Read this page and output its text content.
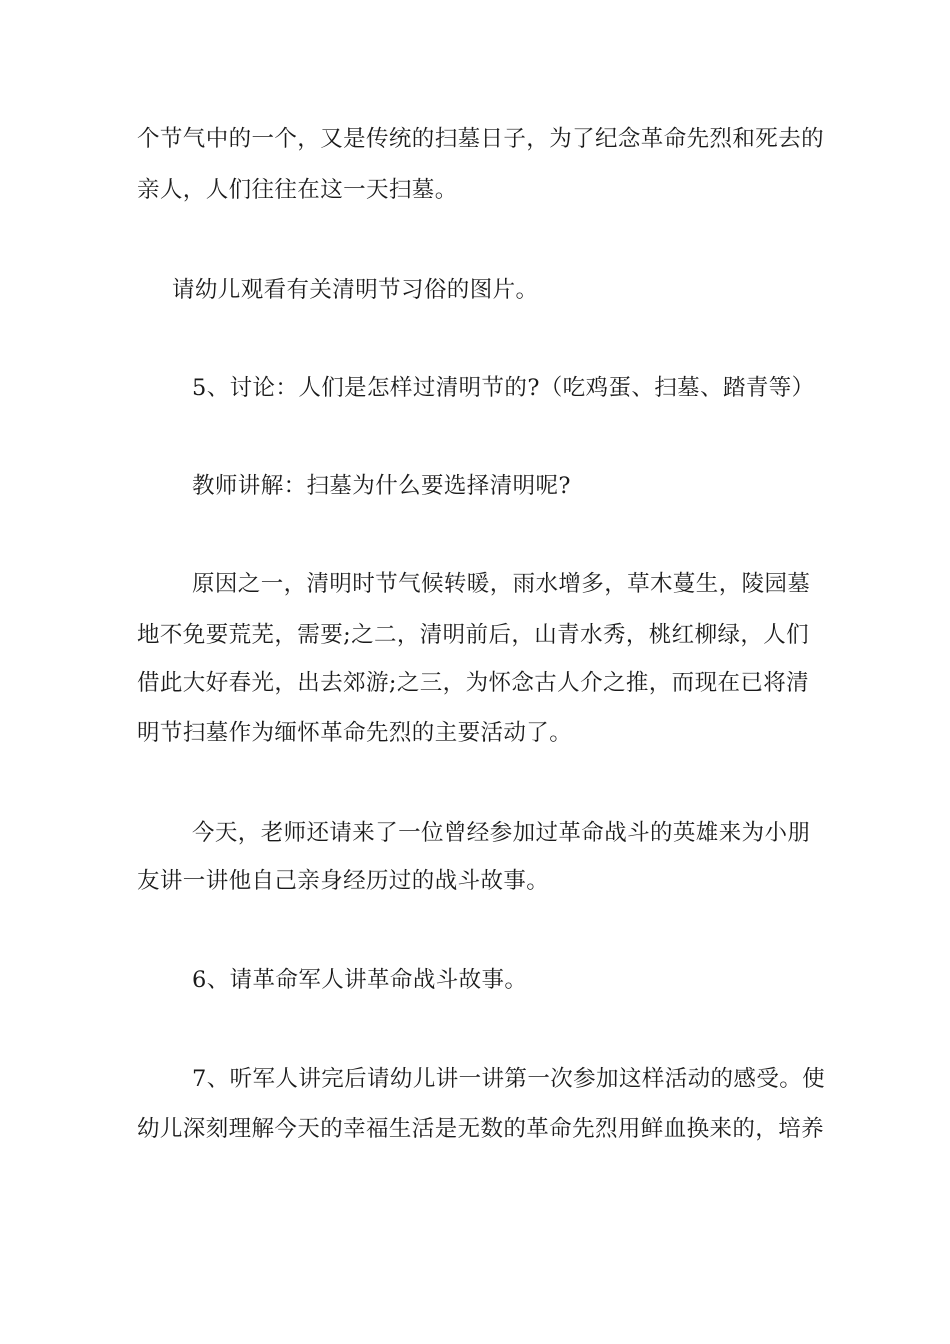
个节气中的一个，又是传统的扫墓日子，为了纪念革命先烈和死去的
亲人，人们往往在这一天扫墓。
请幼儿观看有关清明节习俗的图片。
5、讨论：人们是怎样过清明节的?（吃鸡蛋、扫墓、踏青等）
教师讲解：扫墓为什么要选择清明呢?
原因之一，清明时节气候转暖，雨水增多，草木蔓生，陵园墓
地不免要荒芜，需要;之二，清明前后，山青水秀，桃红柳绿，人们
借此大好春光，出去郊游;之三，为怀念古人介之推，而现在已将清
明节扫墓作为缅怀革命先烈的主要活动了。
今天，老师还请来了一位曾经参加过革命战斗的英雄来为小朋
友讲一讲他自己亲身经历过的战斗故事。
6、请革命军人讲革命战斗故事。
7、听军人讲完后请幼儿讲一讲第一次参加这样活动的感受。使
幼儿深刻理解今天的幸福生活是无数的革命先烈用鲜血换来的，培养
